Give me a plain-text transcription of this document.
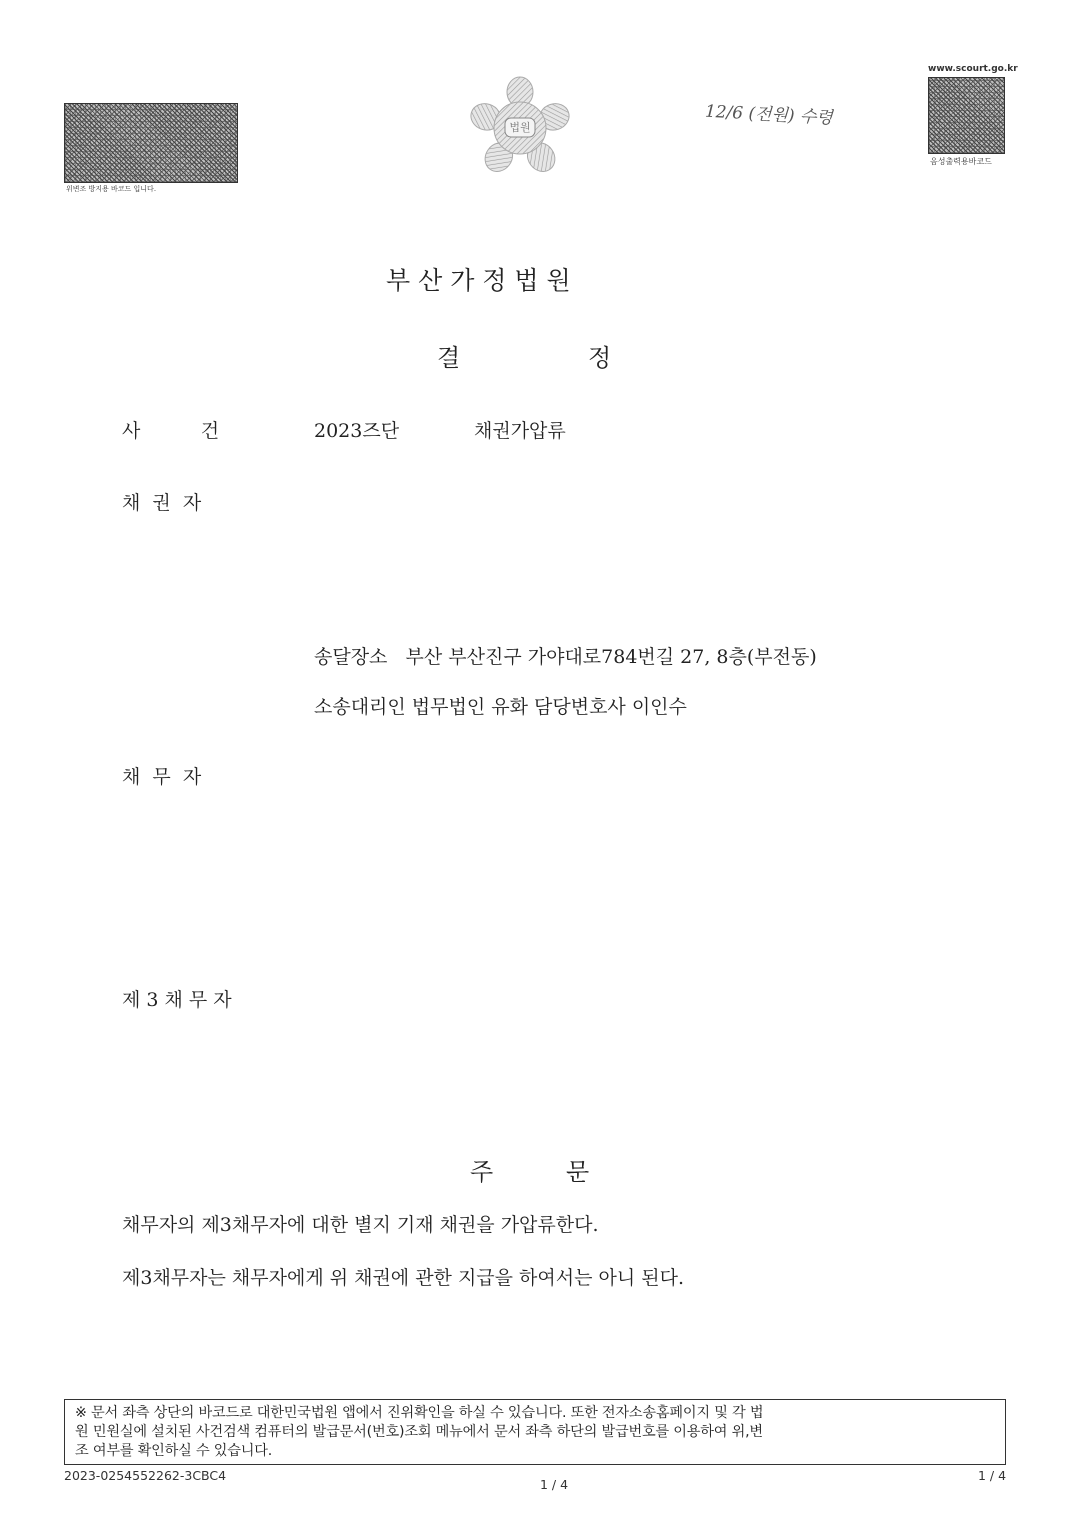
위변조 방지용 바코드 입니다.
법원	12/6 (전원) 수령
www.scourt.go.kr
음성출력용바코드
부 산 가 정 법 원
결	정
사          건	2023즈단	채권가압류
채  권  자
송달장소   부산 부산진구 가야대로784번길 27, 8층(부전동)
소송대리인 법무법인 유화 담당변호사 이인수
채  무  자
제 3 채 무 자
주	문
채무자의 제3채무자에 대한 별지 기재 채권을 가압류한다.
제3채무자는 채무자에게 위 채권에 관한 지급을 하여서는 아니 된다.
※ 문서 좌측 상단의 바코드로 대한민국법원 앱에서 진위확인을 하실 수 있습니다. 또한 전자소송홈페이지 및 각 법
원 민원실에 설치된 사건검색 컴퓨터의 발급문서(번호)조회 메뉴에서 문서 좌측 하단의 발급번호를 이용하여 위,변
조 여부를 확인하실 수 있습니다.
2023-0254552262-3CBC4
1 / 4
1 / 4
